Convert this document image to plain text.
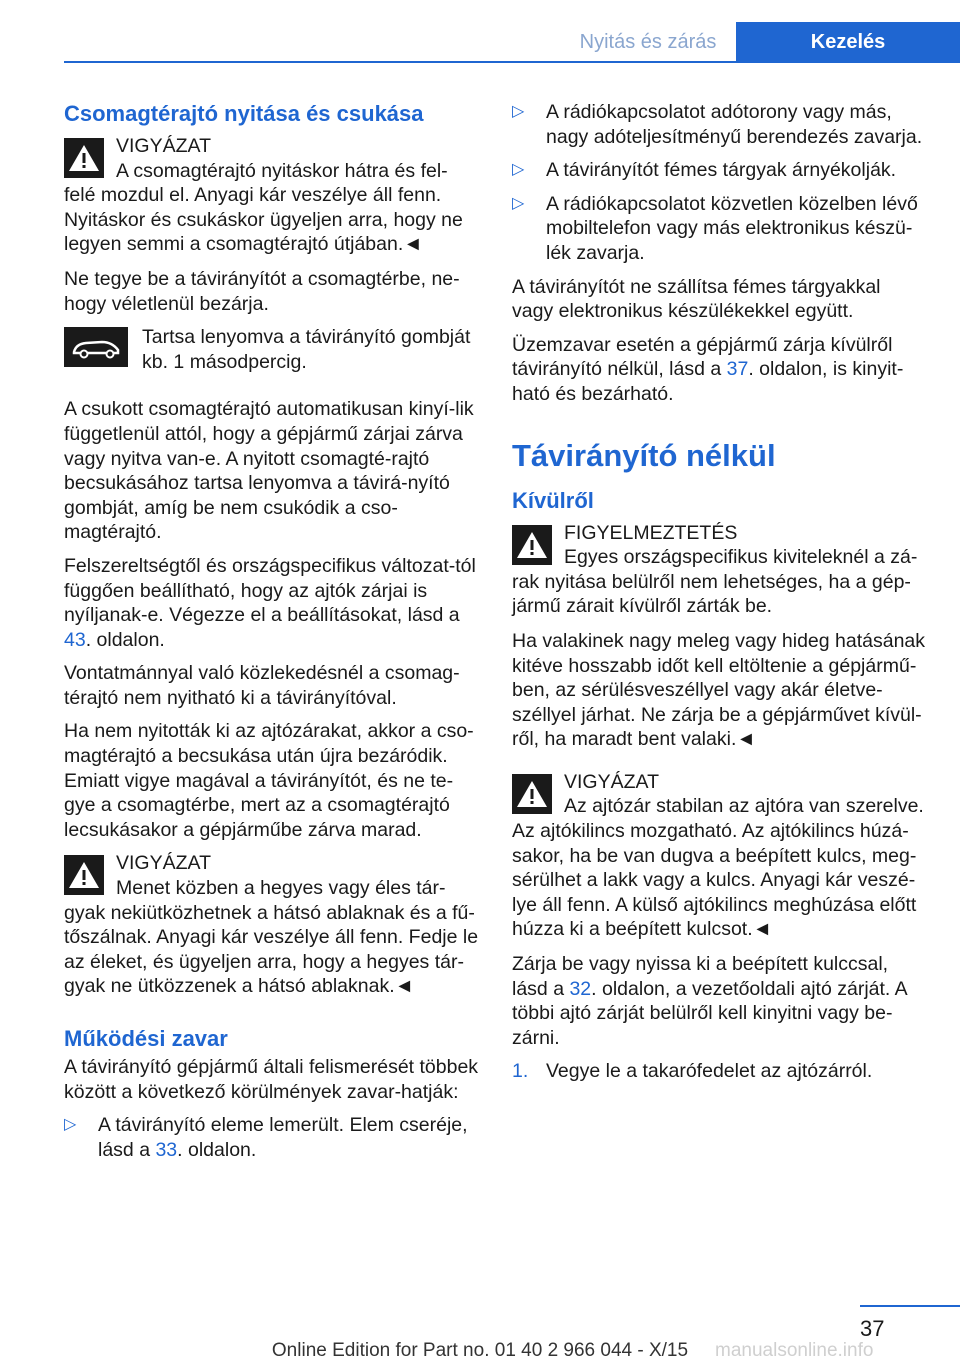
Nyitás és zárás	Kezelés
Csomagtérajtó nyitása és csukása

VIGYÁZAT
A csomagtérajtó nyitáskor hátra és fel-felé mozdul el. Anyagi kár veszélye áll fenn. Nyitáskor és csukáskor ügyeljen arra, hogy ne legyen semmi a csomagtérajtó útjában.◄

Ne tegye be a távirányítót a csomagtérbe, ne-hogy véletlenül bezárja.

Tartsa lenyomva a távirányító gombját kb. 1 másodpercig.

A csukott csomagtérajtó automatikusan kinyí-lik függetlenül attól, hogy a gépjármű zárjai zárva vagy nyitva van-e. A nyitott csomagté-rajtó becsukásához tartsa lenyomva a távirá-nyító gombját, amíg be nem csukódik a cso-magtérajtó.

Felszereltségtől és országspecifikus változat-tól függően beállítható, hogy az ajtók zárjai is nyíljanak-e. Végezze el a beállításokat, lásd a 43. oldalon.

Vontatmánnyal való közlekedésnél a csomag-térajtó nem nyitható ki a távirányítóval.

Ha nem nyitották ki az ajtózárakat, akkor a cso-magtérajtó a becsukása után újra bezáródik. Emiatt vigye magával a távirányítót, és ne te-gye a csomagtérbe, mert az a csomagtérajtó lecsukásakor a gépjárműbe zárva marad.

VIGYÁZAT
Menet közben a hegyes vagy éles tár-gyak nekiütközhetnek a hátsó ablaknak és a fű-tőszálnak. Anyagi kár veszélye áll fenn. Fedje le az éleket, és ügyeljen arra, hogy a hegyes tár-gyak ne ütközzenek a hátsó ablaknak.◄

Működési zavar

A távirányító gépjármű általi felismerését többek között a következő körülmények zavar-hatják:

▷ A távirányító eleme lemerült. Elem cseréje, lásd a 33. oldalon.
▷ A rádiókapcsolatot adótorony vagy más, nagy adóteljesítményű berendezés zavarja.
▷ A távirányítót fémes tárgyak árnyékolják.
▷ A rádiókapcsolatot közvetlen közelben lévő mobiltelefon vagy más elektronikus készü-lék zavarja.

A távirányítót ne szállítsa fémes tárgyakkal vagy elektronikus készülékekkel együtt.

Üzemzavar esetén a gépjármű zárja kívülről távirányító nélkül, lásd a 37. oldalon, is kinyit-ható és bezárható.

Távirányító nélkül
Kívülről

FIGYELMEZTETÉS
Egyes országspecifikus kiviteleknél a zá-rak nyitása belülről nem lehetséges, ha a gép-jármű zárait kívülről zárták be.

Ha valakinek nagy meleg vagy hideg hatásának kitéve hosszabb időt kell eltöltenie a gépjármű-ben, az sérülésveszéllyel vagy akár életve-széllyel járhat. Ne zárja be a gépjárművet kívül-ről, ha maradt bent valaki.◄

VIGYÁZAT
Az ajtózár stabilan az ajtóra van szerelve. Az ajtókilincs mozgatható. Az ajtókilincs húzá-sakor, ha be van dugva a beépített kulcs, meg-sérülhet a lakk vagy a kulcs. Anyagi kár veszé-lye áll fenn. A külső ajtókilincs meghúzása előtt húzza ki a beépített kulcsot.◄

Zárja be vagy nyissa ki a beépített kulccsal, lásd a 32. oldalon, a vezetőoldali ajtó zárját. A többi ajtó zárját belülről kell kinyitni vagy be-zárni.

1. Vegye le a takarófedelet az ajtózárról.
37
Online Edition for Part no. 01 40 2 966 044 - X/15	manualsonline.info
